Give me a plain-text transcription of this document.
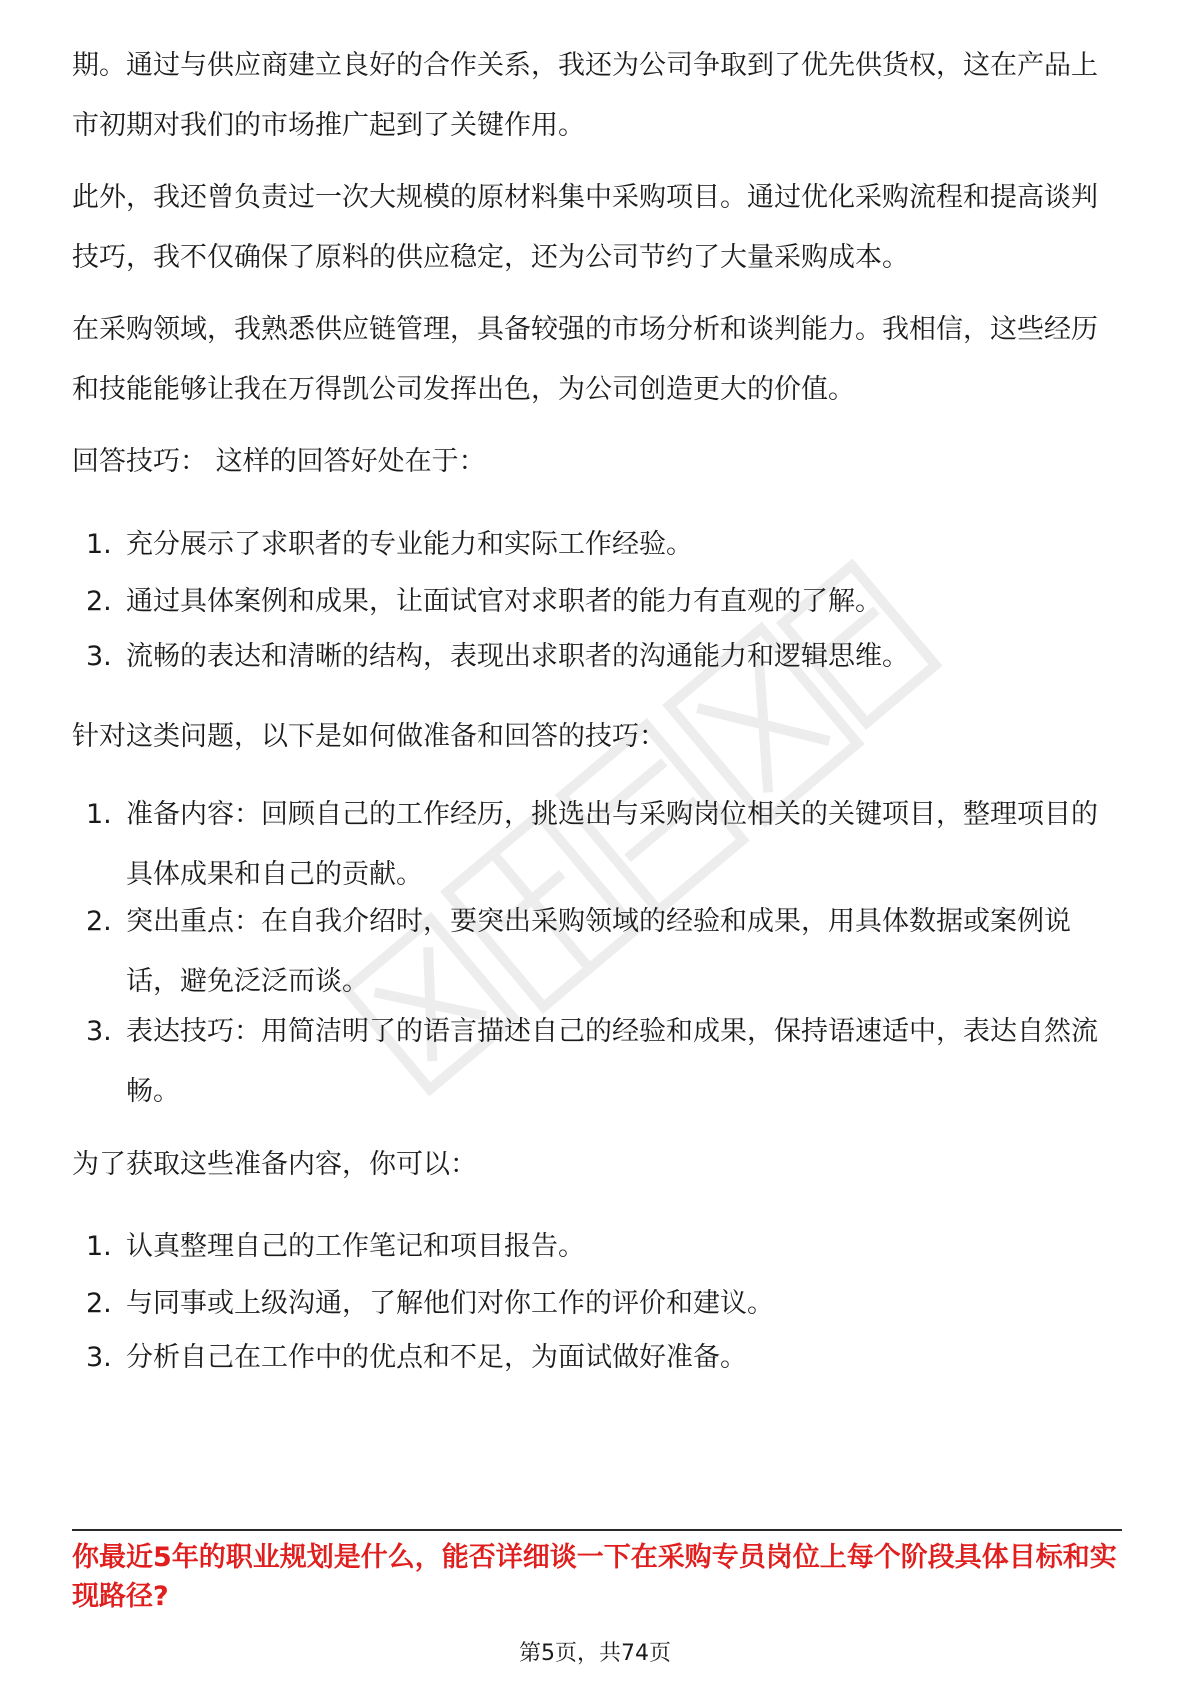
期。通过与供应商建立良好的合作关系，我还为公司争取到了优先供货权，这在产品上市初期对我们的市场推广起到了关键作用。

此外，我还曾负责过一次大规模的原材料集中采购项目。通过优化采购流程和提高谈判技巧，我不仅确保了原料的供应稳定，还为公司节约了大量采购成本。

在采购领域，我熟悉供应链管理，具备较强的市场分析和谈判能力。我相信，这些经历和技能能够让我在万得凯公司发挥出色，为公司创造更大的价值。

回答技巧： 这样的回答好处在于：

1. 充分展示了求职者的专业能力和实际工作经验。
2. 通过具体案例和成果，让面试官对求职者的能力有直观的了解。
3. 流畅的表达和清晰的结构，表现出求职者的沟通能力和逻辑思维。

针对这类问题，以下是如何做准备和回答的技巧：

1. 准备内容：回顾自己的工作经历，挑选出与采购岗位相关的关键项目，整理项目的具体成果和自己的贡献。
2. 突出重点：在自我介绍时，要突出采购领域的经验和成果，用具体数据或案例说话，避免泛泛而谈。
3. 表达技巧：用简洁明了的语言描述自己的经验和成果，保持语速适中，表达自然流畅。

为了获取这些准备内容，你可以：

1. 认真整理自己的工作笔记和项目报告。
2. 与同事或上级沟通，了解他们对你工作的评价和建议。
3. 分析自己在工作中的优点和不足，为面试做好准备。
你最近5年的职业规划是什么，能否详细谈一下在采购专员岗位上每个阶段具体目标和实现路径?
第5页，共74页
